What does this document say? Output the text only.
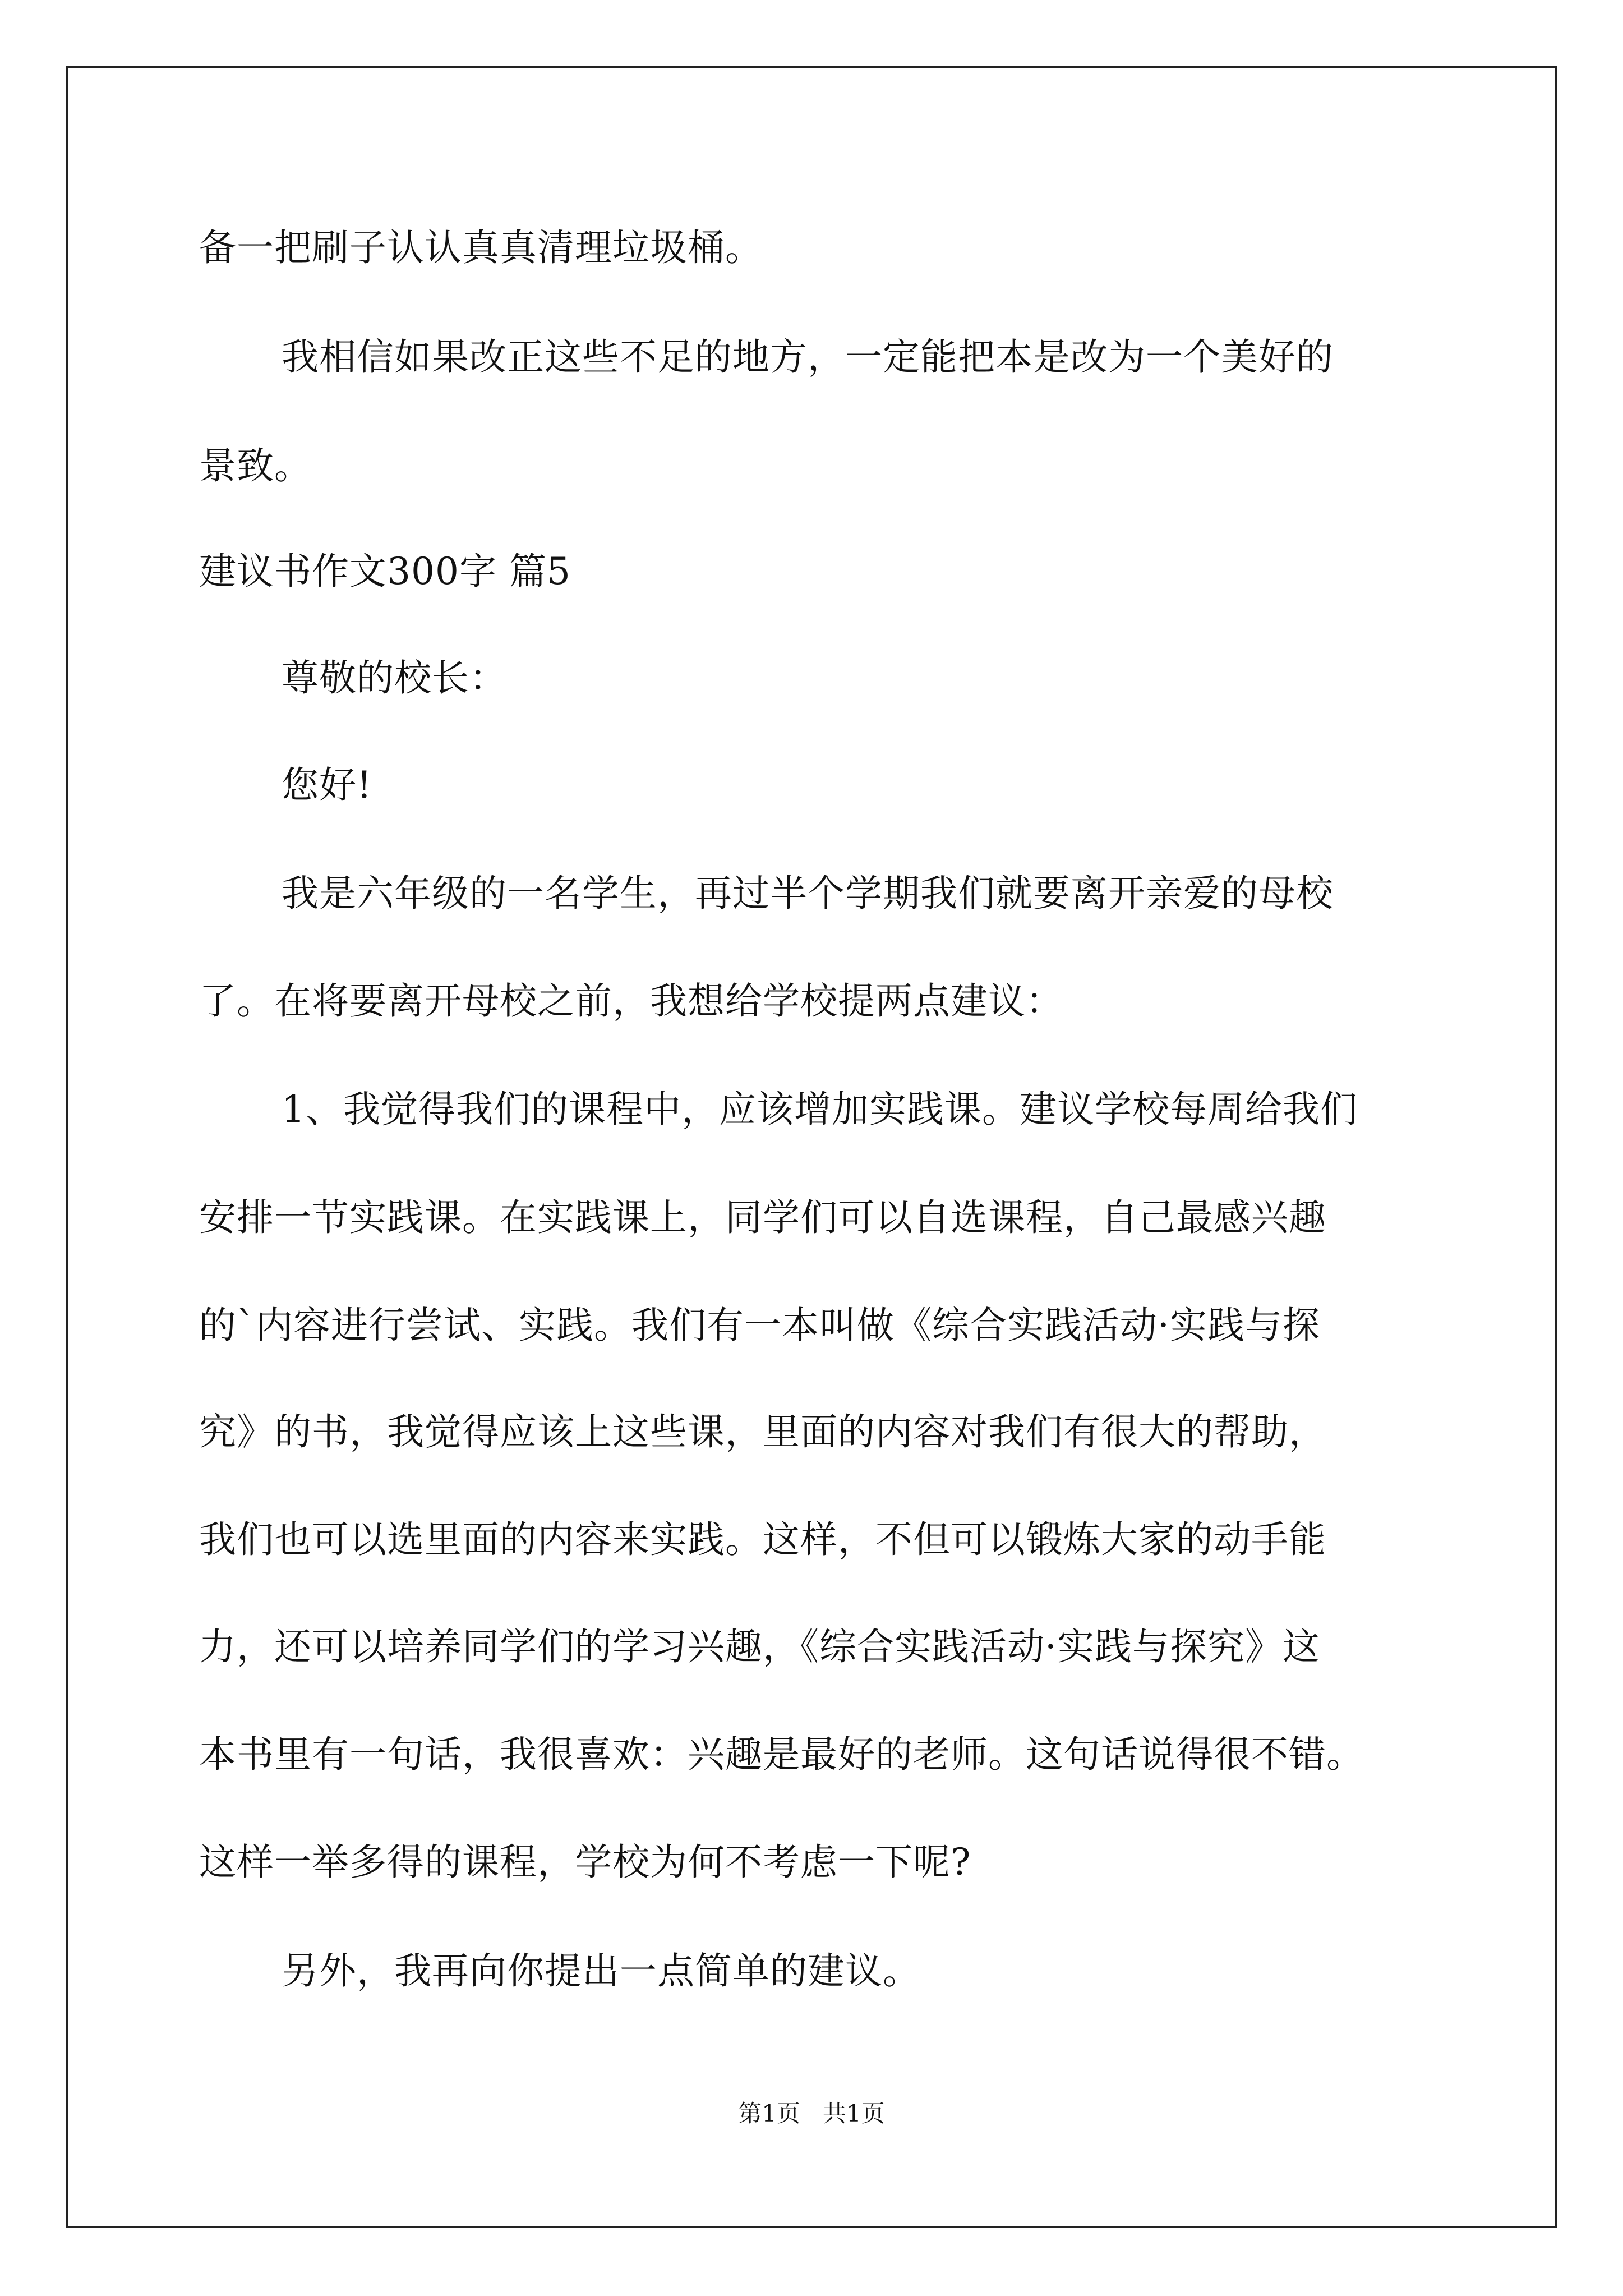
备一把刷子认认真真清理垃圾桶。
我相信如果改正这些不足的地方，一定能把本是改为一个美好的
景致。
建议书作文300字 篇5
尊敬的校长：
您好!
我是六年级的一名学生，再过半个学期我们就要离开亲爱的母校
了。在将要离开母校之前，我想给学校提两点建议：
1、我觉得我们的课程中，应该增加实践课。建议学校每周给我们
安排一节实践课。在实践课上，同学们可以自选课程，自己最感兴趣
的`内容进行尝试、实践。我们有一本叫做《综合实践活动·实践与探
究》的书，我觉得应该上这些课，里面的内容对我们有很大的帮助，
我们也可以选里面的内容来实践。这样，不但可以锻炼大家的动手能
力，还可以培养同学们的学习兴趣，《综合实践活动·实践与探究》这
本书里有一句话，我很喜欢：兴趣是最好的老师。这句话说得很不错。
这样一举多得的课程，学校为何不考虑一下呢?
另外，我再向你提出一点简单的建议。
第1页   共1页
